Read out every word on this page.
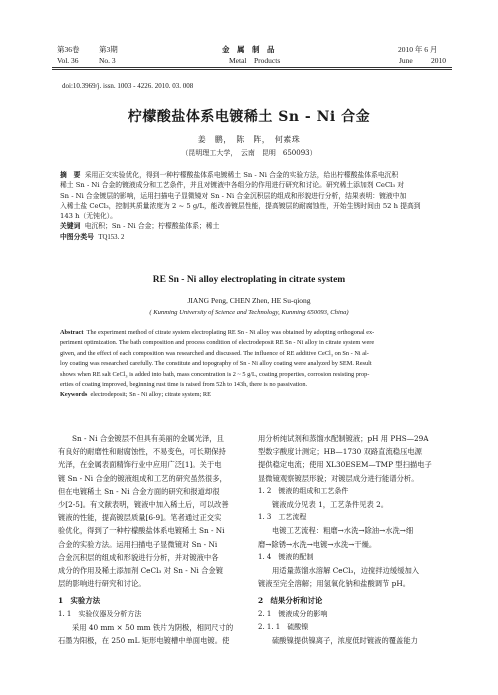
第36卷	第3期
Vol. 36	No. 3
金　属　制　品
Metal　Products
2010 年 6 月
June 2010
doi:10.3969/j. issn. 1003 - 4226. 2010. 03. 008
柠檬酸盐体系电镀稀土 Sn - Ni 合金
姜　鹏，　陈　阵，　何素珠
（昆明理工大学，　云南　昆明　650093）
摘　要 采用正交实验优化，得到一种柠檬酸盐体系电镀稀土 Sn - Ni 合金的实验方法，给出柠檬酸盐体系电沉积
稀土 Sn - Ni 合金的镀液成分和工艺条件，并且对镀液中各组分的作用进行研究和讨论。研究稀土添加剂 CeCl₃ 对
Sn - Ni 合金镀层的影响，运用扫描电子显微镜对 Sn - Ni 合金沉积层的组成和形貌进行分析，结果表明：镀液中加
入稀土盐 CeCl₃，控制其质量浓度为 2 ~ 5 g/L，能改善镀层性能，提高镀层的耐腐蚀性，开始生锈时间由 52 h 提高到
143 h（无钝化）。
关键词 电沉积；Sn - Ni 合金；柠檬酸盐体系；稀土
中图分类号 TQ153. 2
RE Sn - Ni alloy electroplating in citrate system
JIANG Peng, CHEN Zhen, HE Su-qiong
( Kunming University of Science and Technology, Kunming 650093, China)
Abstract The experiment method of citrate system electroplating RE Sn - Ni alloy was obtained by adopting orthogonal ex-
periment optimization. The bath composition and process condition of electrodeposit RE Sn - Ni alloy in citrate system were
given, and the effect of each composition was researched and discussed. The influence of RE additive CeCl₃ on Sn - Ni al-
loy coating was researched carefully. The constitute and topography of Sn - Ni alloy coating were analyzed by SEM. Result
shows when RE salt CeCl₃ is added into bath, mass concentration is 2 ~ 5 g/L, coating properties, corrosion resisting prop-
erties of coating improved, beginning rust time is raised from 52h to 143h, there is no passivation.
Keywords electrodeposit; Sn - Ni alloy; citrate system; RE
Sn - Ni 合金镀层不但具有美丽的金属光泽，且
有良好的耐磨性和耐腐蚀性，不易变色，可长期保持
光泽，在金属表面精饰行业中应用广泛[1]。关于电
镀 Sn - Ni 合金的镀液组成和工艺的研究虽然很多，
但在电镀稀土 Sn - Ni 合金方面的研究和报道却很
少[2-5]。有文献表明，镀液中加入稀土后，可以改善
镀液的性能，提高镀层质量[6-9]。笔者通过正交实
验优化，得到了一种柠檬酸盐体系电镀稀土 Sn - Ni
合金的实验方法。运用扫描电子显微镜对 Sn - Ni
合金沉积层的组成和形貌进行分析，并对镀液中各
成分的作用及稀土添加剂 CeCl₃ 对 Sn - Ni 合金镀
层的影响进行研究和讨论。
1　实验方法
1. 1　实验仪器及分析方法
采用 40 mm × 50 mm 铁片为阴极，相同尺寸的
石墨为阳极，在 250 mL 矩形电镀槽中单面电镀。使
用分析纯试剂和蒸馏水配制镀液；pH 用 PHS—29A
型数字酸度计测定；HB—1730 双路直流稳压电源
提供稳定电流；使用 XL30ESEM—TMP 型扫描电子
显微镜观察镀层形貌；对镀层成分进行能谱分析。
1. 2　镀液的组成和工艺条件
镀液成分见表 1，工艺条件见表 2。
1. 3　工艺流程
电镀工艺流程：粗磨→水洗→除油→水洗→细
磨→除锈→水洗→电镀→水洗→干燥。
1. 4　镀液的配制
用适量蒸馏水溶解 CeCl₃，边搅拌边缓缓加入
镀液至完全溶解；用氢氧化钠和盐酸调节 pH。
2　结果分析和讨论
2. 1　镀液成分的影响
2. 1. 1　硫酸镍
硫酸镍提供镍离子，浓度低时镀液的覆盖能力
